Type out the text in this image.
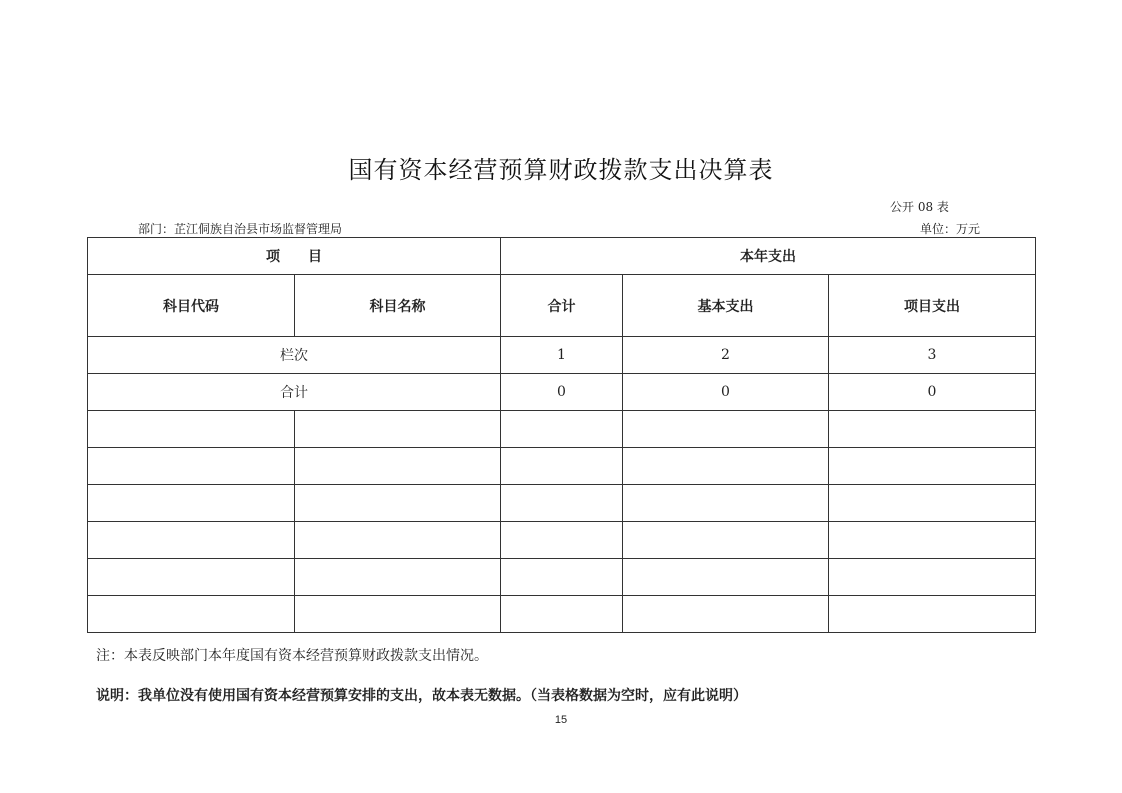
国有资本经营预算财政拨款支出决算表
公开 08 表
部门：芷江侗族自治县市场监督管理局	单位：万元
项　　目		本年支出		
科目代码	科目名称	合计	基本支出	项目支出
栏次		1	2	3
合计		0	0	0

注：本表反映部门本年度国有资本经营预算财政拨款支出情况。
说明：我单位没有使用国有资本经营预算安排的支出，故本表无数据。（当表格数据为空时，应有此说明）
15
